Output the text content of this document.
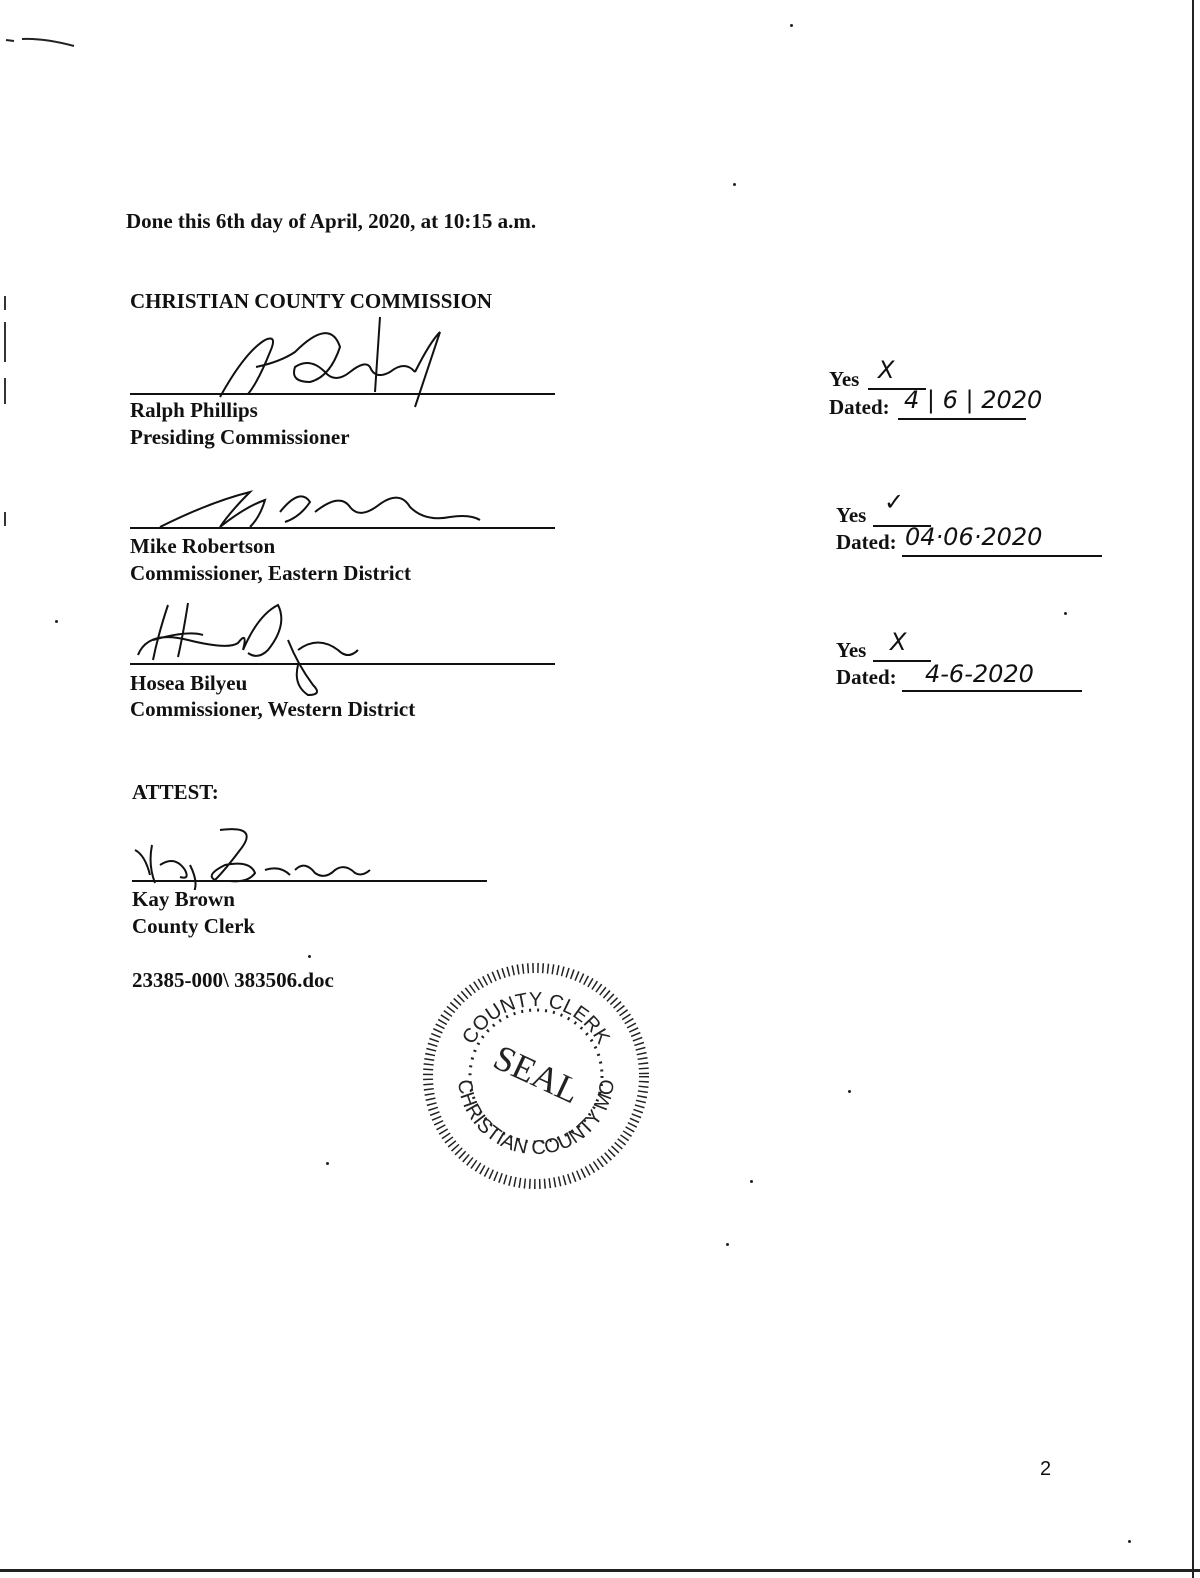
Done this 6th day of April, 2020, at 10:15 a.m.
CHRISTIAN COUNTY COMMISSION
Ralph Phillips
Presiding Commissioner
Mike Robertson
Commissioner, Eastern District
Hosea Bilyeu
Commissioner, Western District
Yes X
Dated: 4 | 6 | 2020
Yes ✓
Dated: 04·06·2020
Yes X
Dated: 4-6-2020
ATTEST:
Kay Brown
County Clerk
23385-000\ 383506.doc
COUNTY CLERK
CHRISTIAN COUNTY MO
SEAL
2
